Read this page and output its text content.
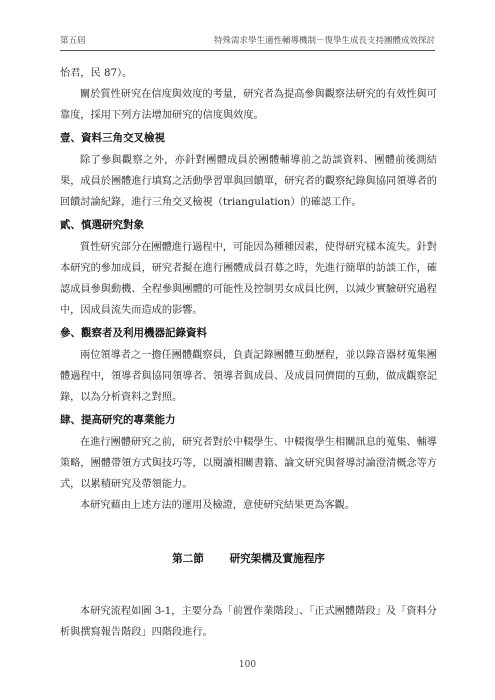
第五屆	特殊需求學生適性輔導機制－復學生成長支持團體成效探討

怡君，民 87）。

關於質性研究在信度與效度的考量，研究者為提高參與觀察法研究的有效性與可靠度，採用下列方法增加研究的信度與效度。

壹、資料三角交叉檢視

除了參與觀察之外，亦針對團體成員於團體輔導前之訪談資料、團體前後測結果，成員於團體進行填寫之活動學習單與回饋單，研究者的觀察紀錄與協同領導者的回饋討論紀錄，進行三角交叉檢視（triangulation）的確認工作。

貳、慎選研究對象

質性研究部分在團體進行過程中，可能因為種種因素，使得研究樣本流失。針對本研究的參加成員，研究者擬在進行團體成員召募之時，先進行簡單的訪談工作，確認成員參與動機、全程參與團體的可能性及控制男女成員比例，以減少實驗研究過程中，因成員流失而造成的影響。

參、觀察者及利用機器記錄資料

兩位領導者之一擔任團體觀察員，負責記錄團體互動歷程，並以錄音器材蒐集團體過程中，領導者與協同領導者、領導者與成員、及成員同儕間的互動，做成觀察記錄，以為分析資料之對照。

肆、提高研究的專業能力

在進行團體研究之前，研究者對於中輟學生、中輟復學生相關訊息的蒐集、輔導策略，團體帶領方式與技巧等，以閱讀相關書籍、論文研究與督導討論澄清概念等方式，以累積研究及帶領能力。

本研究藉由上述方法的運用及檢證，意使研究結果更為客觀。

第二節 研究架構及實施程序

本研究流程如圖 3-1，主要分為「前置作業階段」、「正式團體階段」及「資料分析與撰寫報告階段」四階段進行。

100
